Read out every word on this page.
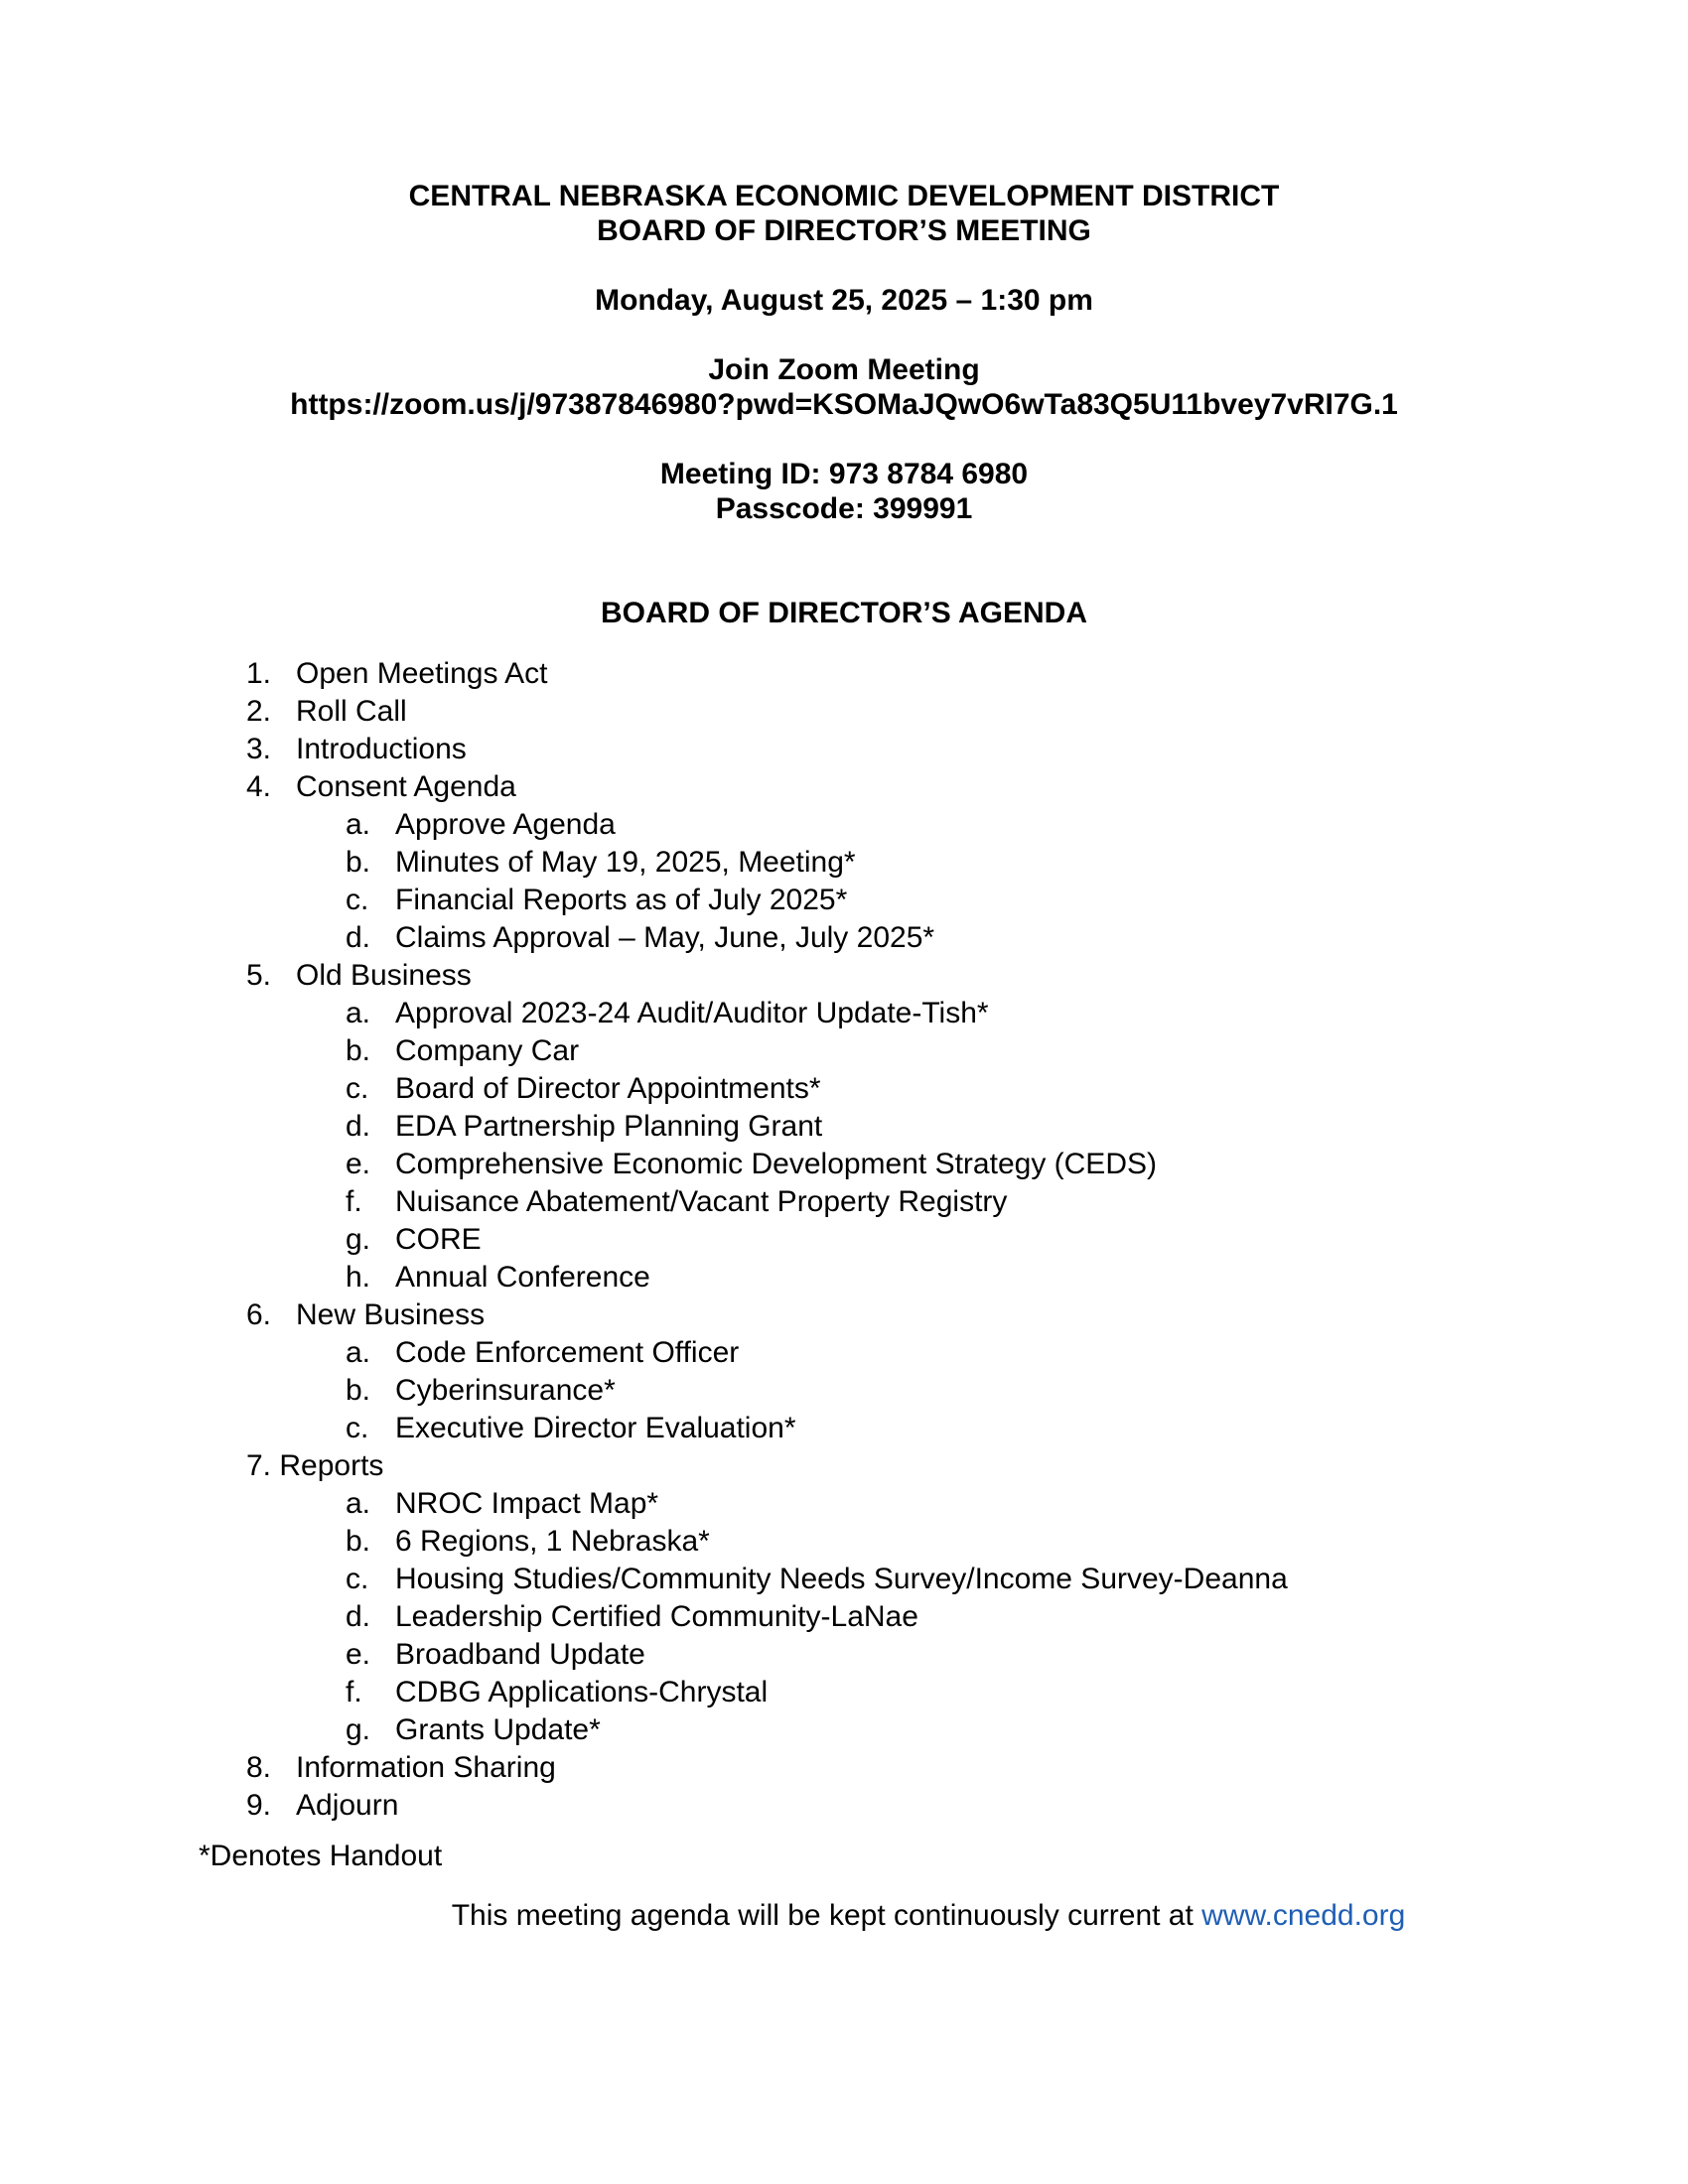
CENTRAL NEBRASKA ECONOMIC DEVELOPMENT DISTRICT
BOARD OF DIRECTOR’S MEETING
Monday, August 25, 2025 – 1:30 pm
Join Zoom Meeting
https://zoom.us/j/97387846980?pwd=KSOMaJQwO6wTa83Q5U11bvey7vRI7G.1
Meeting ID: 973 8784 6980
Passcode: 399991
BOARD OF DIRECTOR’S AGENDA
1. Open Meetings Act
2. Roll Call
3. Introductions
4. Consent Agenda
a. Approve Agenda
b. Minutes of May 19, 2025, Meeting*
c. Financial Reports as of July 2025*
d. Claims Approval – May, June, July 2025*
5. Old Business
a. Approval 2023-24 Audit/Auditor Update-Tish*
b. Company Car
c. Board of Director Appointments*
d. EDA Partnership Planning Grant
e. Comprehensive Economic Development Strategy (CEDS)
f. Nuisance Abatement/Vacant Property Registry
g. CORE
h. Annual Conference
6. New Business
a. Code Enforcement Officer
b. Cyberinsurance*
c. Executive Director Evaluation*
7. Reports
a. NROC Impact Map*
b. 6 Regions, 1 Nebraska*
c. Housing Studies/Community Needs Survey/Income Survey-Deanna
d. Leadership Certified Community-LaNae
e. Broadband Update
f. CDBG Applications-Chrystal
g. Grants Update*
8. Information Sharing
9. Adjourn
*Denotes Handout
This meeting agenda will be kept continuously current at www.cnedd.org
